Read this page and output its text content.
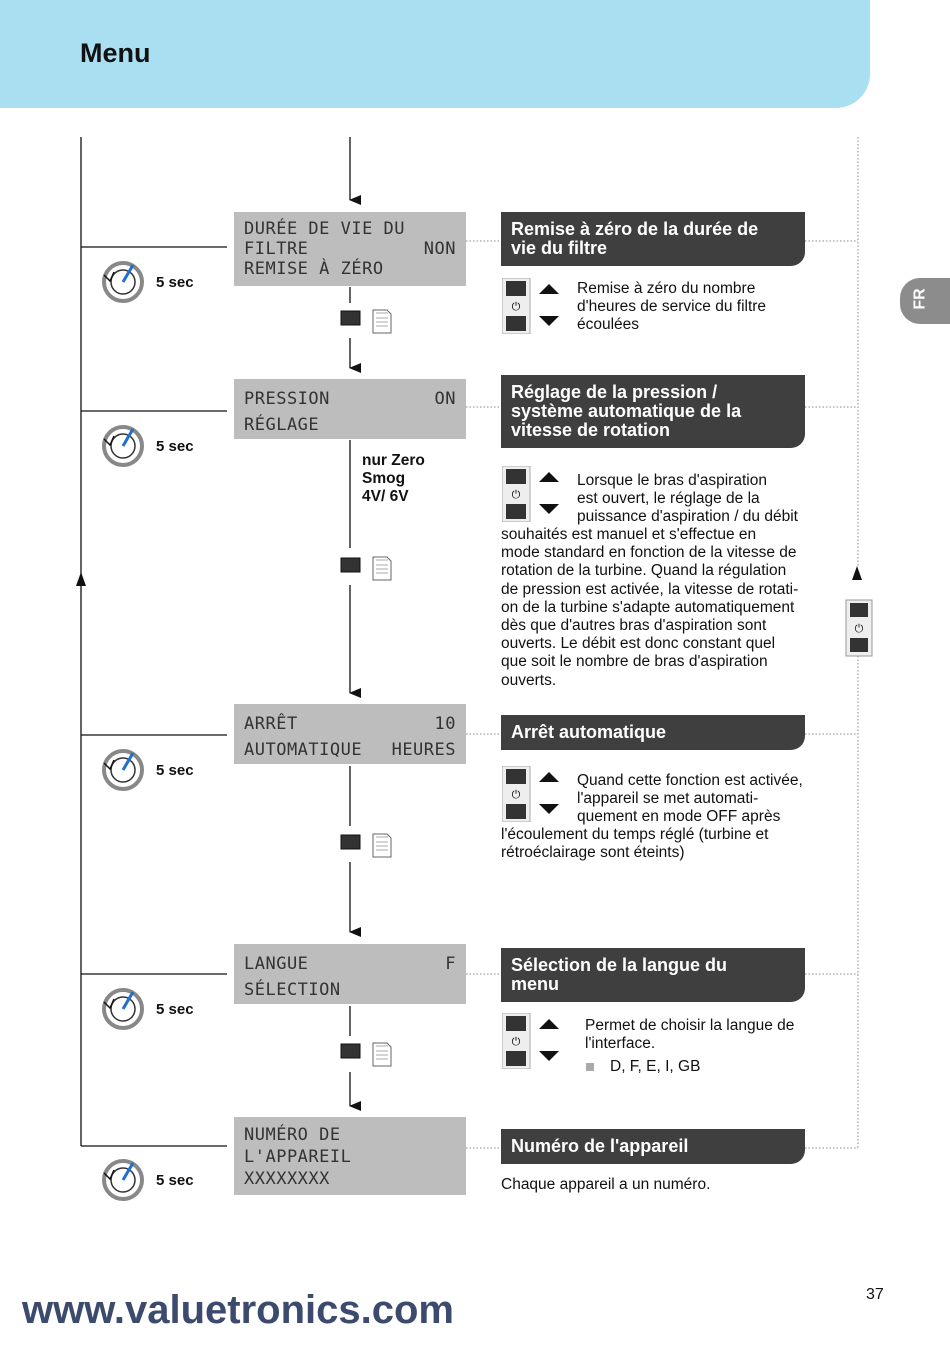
Menu
FR
⏻
5 sec
5 sec
5 sec
5 sec
5 sec
DURÉE DE VIE DU
FILTRE	NON
REMISE À ZÉRO
PRESSION	ON
RÉGLAGE
ARRÊT	10
AUTOMATIQUE HEURES
LANGUE	F
SÉLECTION
NUMÉRO DE
L'APPAREIL
XXXXXXXX
nur Zero
Smog
4V/ 6V
Remise à zéro de la durée de
vie du filtre
⏻
Remise à zéro du nombre
d'heures de service du filtre
écoulées
Réglage de la pression /
système automatique de la
vitesse de rotation
⏻
Lorsque le bras d'aspiration
est ouvert, le réglage de la
puissance d'aspiration / du débit
souhaités est manuel et s'effectue en
mode standard en fonction de la vitesse de
rotation de la turbine. Quand la régulation
de pression est activée, la vitesse de rotati-
on de la turbine s'adapte automatiquement
dès que d'autres bras d'aspiration sont
ouverts. Le débit est donc constant quel
que soit le nombre de bras d'aspiration
ouverts.
Arrêt automatique
⏻
Quand cette fonction est activée,
l'appareil se met automati-
quement en mode OFF après
l'écoulement du temps réglé (turbine et
rétroéclairage sont éteints)
Sélection de la langue du
menu
⏻
Permet de choisir la langue de
l'interface.
D, F, E, I, GB
Numéro de l'appareil
Chaque appareil a un numéro.
www.valuetronics.com	37
